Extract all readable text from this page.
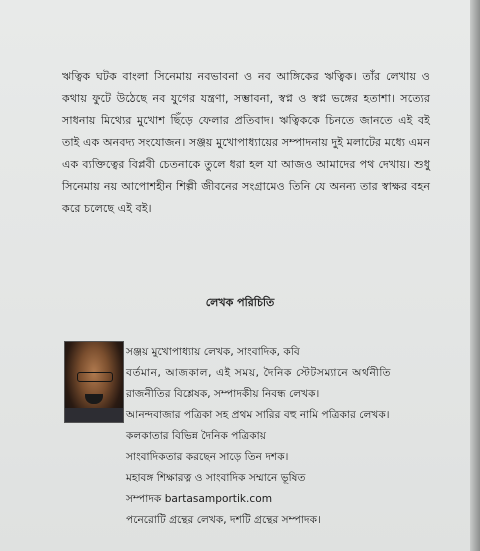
ঋত্বিক ঘটক বাংলা সিনেমায় নবভাবনা ও নব আঙ্গিকের ঋত্বিক। তাঁর লেখায় ও কথায় ফুটে উঠেছে নব যুগের যন্ত্রণা, সম্ভাবনা, স্বপ্ন ও স্বপ্ন ভঙ্গের হতাশা। সত্যের সাধনায় মিথ্যের মুখোশ ছিঁড়ে ফেলার প্রতিবাদ। ঋত্বিককে চিনতে জানতে এই বই তাই এক অনবদ্য সংযোজন। সঞ্জয় মুখোপাধ্যায়ের সম্পাদনায় দুই মলাটের মধ্যে এমন এক ব্যক্তিত্বের বিপ্লবী চেতনাকে তুলে ধরা হল যা আজও আমাদের পথ দেখায়। শুধু সিনেমায় নয় আপোশহীন শিল্পী জীবনের সংগ্রামেও তিনি যে অনন্য তার স্বাক্ষর বহন করে চলেছে এই বই।
লেখক পরিচিতি
সঞ্জয় মুখোপাধ্যায় লেখক, সাংবাদিক, কবি
বর্তমান, আজকাল, এই সময়, দৈনিক স্টেটসম্যানে অর্থনীতি
রাজনীতির বিশ্লেষক, সম্পাদকীয় নিবন্ধ লেখক।
আনন্দবাজার পত্রিকা সহ প্রথম সারির বহু নামি পত্রিকার লেখক।
কলকাতার বিভিন্ন দৈনিক পত্রিকায়
সাংবাদিকতার করছেন সাড়ে তিন দশক।
মহাবঙ্গ শিক্ষারত্ন ও সাংবাদিক সম্মানে ভূষিত
সম্পাদক bartasamportik.com
পনেরোটি গ্রন্থের লেখক, দশটি গ্রন্থের সম্পাদক।
